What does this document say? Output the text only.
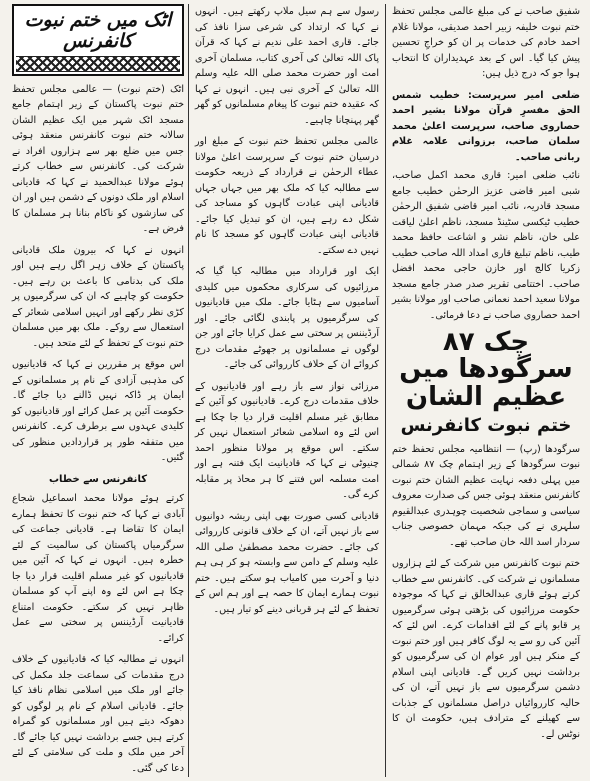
شفیق صاحب نے کی مبلغ عالمی مجلس تحفظ ختم نبوت خلیفہ زبیر احمد صدیقی، مولانا غلام احمد خادم کی خدمات پر ان کو خراجِ تحسین پیش کیا گیا۔ اس کے بعد عہدیداران کا انتخاب ہوا جو کہ درج ذیل ہیں:

ضلعی امیر سرپرست: خطیب شمس الحق مفسرِ قرآن مولانا بشیر احمد حصاروی صاحب، سرپرست اعلیٰ محمد سلمان صاحب، برزوانی علامہ غلام ربانی صاحب۔

نائب ضلعی امیر: قاری محمد اکمل صاحب، شبی امیر قاضی عزیز الرحمٰن خطیب جامع مسجد قادریہ، نائب امیر قاضی شفیق الرحمٰن خطیب ٹیکسی سٹینڈ مسجد، ناظم اعلیٰ لیاقت علی خان، ناظم نشر و اشاعت حافظ محمد طیب، ناظم تبلیغ قاری امداد اللہ صاحب خطیب زکریا کالج اور خازن حاجی محمد افضل صاحب۔ اختتامی تقریر صدر صدر جامع مسجد مولانا سعید احمد نعمانی صاحب اور مولانا بشیر احمد حصاروی صاحب نے دعا فرمائی۔

چک ۸۷ سرگودھا میں عظیم الشان
ختم نبوت کانفرنس

سرگودھا (رپ) — انتظامیہ مجلس تحفظ ختم نبوت سرگودھا کے زیر اہتمام چک ۸۷ شمالی میں پہلی دفعہ نہایت عظیم الشان ختم نبوت کانفرنس منعقد ہوئی جس کی صدارت معروف سیاسی و سماجی شخصیت چوہدری عبدالقیوم سلہری نے کی جبکہ مہمان خصوصی جناب سردار اسد اللہ خان صاحب تھے۔

ختم نبوت کانفرنس میں شرکت کے لئے ہزاروں مسلمانوں نے شرکت کی۔ کانفرنس سے خطاب کرتے ہوئے قاری عبدالخالق نے کہا کہ موجودہ حکومت مرزائیوں کی بڑھتی ہوئی سرگرمیوں پر قابو پانے کے لئے اقدامات کرے۔ اس لئے کہ آئین کی رو سے یہ لوگ کافر ہیں اور ختم نبوت کے منکر ہیں اور عوام ان کی سرگرمیوں کو برداشت نہیں کریں گے۔ قادیانی اپنی اسلام دشمن سرگرمیوں سے باز نہیں آتے، ان کی حالیہ کارروائیاں دراصل مسلمانوں کے جذبات سے کھیلنے کے مترادف ہیں، حکومت ان کا نوٹس لے۔

رسول سے ہم سیل ملاپ رکھتے ہیں۔ انہوں نے کہا کہ ارتداد کی شرعی سزا نافذ کی جائے۔ قاری احمد علی ندیم نے کہا کہ قرآن پاک اللہ تعالیٰ کی آخری کتاب، مسلمان آخری امت اور حضرت محمد صلی اللہ علیہ وسلم اللہ تعالیٰ کے آخری نبی ہیں۔ انہوں نے کہا کہ عقیدہ ختم نبوت کا پیغام مسلمانوں کو گھر گھر پہنچانا چاہیے۔

عالمی مجلس تحفظ ختم نبوت کے مبلغ اور درسیان ختم نبوت کے سرپرست اعلیٰ مولانا عطاء الرحمٰن نے قرارداد کے ذریعہ حکومت سے مطالبہ کیا کہ ملک بھر میں جہاں جہاں قادیانی اپنی عبادت گاہوں کو مساجد کی شکل دے رہے ہیں، ان کو تبدیل کیا جائے۔ قادیانی اپنی عبادت گاہوں کو مسجد کا نام نہیں دے سکتے۔

ایک اور قرارداد میں مطالبہ کیا گیا کہ مرزائیوں کی سرکاری محکموں میں کلیدی آسامیوں سے ہٹایا جائے۔ ملک میں قادیانیوں کی سرگرمیوں پر پابندی لگائی جائے۔ اور آرڈیننس پر سختی سے عمل کرایا جائے اور جن لوگوں نے مسلمانوں پر جھوٹے مقدمات درج کروائے ان کے خلاف کارروائی کی جائے۔

مرزائی نواز سے باز رہے اور قادیانیوں کے خلاف مقدمات درج کرے۔ قادیانیوں کو آئین کے مطابق غیر مسلم اقلیت قرار دیا جا چکا ہے اس لئے وہ اسلامی شعائر استعمال نہیں کر سکتے۔ اس موقع پر مولانا منظور احمد چنیوٹی نے کہا کہ قادیانیت ایک فتنہ ہے اور امت مسلمہ اس فتنے کا ہر محاذ پر مقابلہ کرے گی۔

قادیانی کسی صورت بھی اپنی ریشہ دوانیوں سے باز نہیں آتے، ان کے خلاف قانونی کارروائی کی جائے۔ حضرت محمد مصطفیٰ صلی اللہ علیہ وسلم کے دامن سے وابستہ ہو کر ہی ہم دنیا و آخرت میں کامیاب ہو سکتے ہیں۔ ختم نبوت ہمارے ایمان کا حصہ ہے اور ہم اس کے تحفظ کے لئے ہر قربانی دینے کو تیار ہیں۔

اٹک میں ختم نبوت کانفرنس

اٹک (ختم نبوت) — عالمی مجلس تحفظ ختم نبوت پاکستان کے زیر اہتمام جامع مسجد اٹک شہر میں ایک عظیم الشان سالانہ ختم نبوت کانفرنس منعقد ہوئی جس میں ضلع بھر سے ہزاروں افراد نے شرکت کی۔ کانفرنس سے خطاب کرتے ہوئے مولانا عبدالحمید نے کہا کہ قادیانی اسلام اور ملک دونوں کے دشمن ہیں اور ان کی سازشوں کو ناکام بنانا ہر مسلمان کا فرض ہے۔

انہوں نے کہا کہ بیرون ملک قادیانی پاکستان کے خلاف زہر اگل رہے ہیں اور ملک کی بدنامی کا باعث بن رہے ہیں۔ حکومت کو چاہیے کہ ان کی سرگرمیوں پر کڑی نظر رکھے اور انہیں اسلامی شعائر کے استعمال سے روکے۔ ملک بھر میں مسلمان ختم نبوت کے تحفظ کے لئے متحد ہیں۔

اس موقع پر مقررین نے کہا کہ قادیانیوں کی مذہبی آزادی کے نام پر مسلمانوں کے ایمان پر ڈاکہ نہیں ڈالنے دیا جائے گا۔ حکومت آئین پر عمل کرائے اور قادیانیوں کو کلیدی عہدوں سے برطرف کرے۔ کانفرنس میں متفقہ طور پر قراردادیں منظور کی گئیں۔

کانفرنس سے خطاب

کرتے ہوئے مولانا محمد اسماعیل شجاع آبادی نے کہا کہ ختم نبوت کا تحفظ ہمارے ایمان کا تقاضا ہے۔ قادیانی جماعت کی سرگرمیاں پاکستان کی سالمیت کے لئے خطرہ ہیں۔ انہوں نے کہا کہ آئین میں قادیانیوں کو غیر مسلم اقلیت قرار دیا جا چکا ہے اس لئے وہ اپنے آپ کو مسلمان ظاہر نہیں کر سکتے۔ حکومت امتناع قادیانیت آرڈیننس پر سختی سے عمل کرائے۔

انہوں نے مطالبہ کیا کہ قادیانیوں کے خلاف درج مقدمات کی سماعت جلد مکمل کی جائے اور ملک میں اسلامی نظام نافذ کیا جائے۔ قادیانی اسلام کے نام پر لوگوں کو دھوکہ دیتے ہیں اور مسلمانوں کو گمراہ کرتے ہیں جسے برداشت نہیں کیا جائے گا۔ آخر میں ملک و ملت کی سلامتی کے لئے دعا کی گئی۔
